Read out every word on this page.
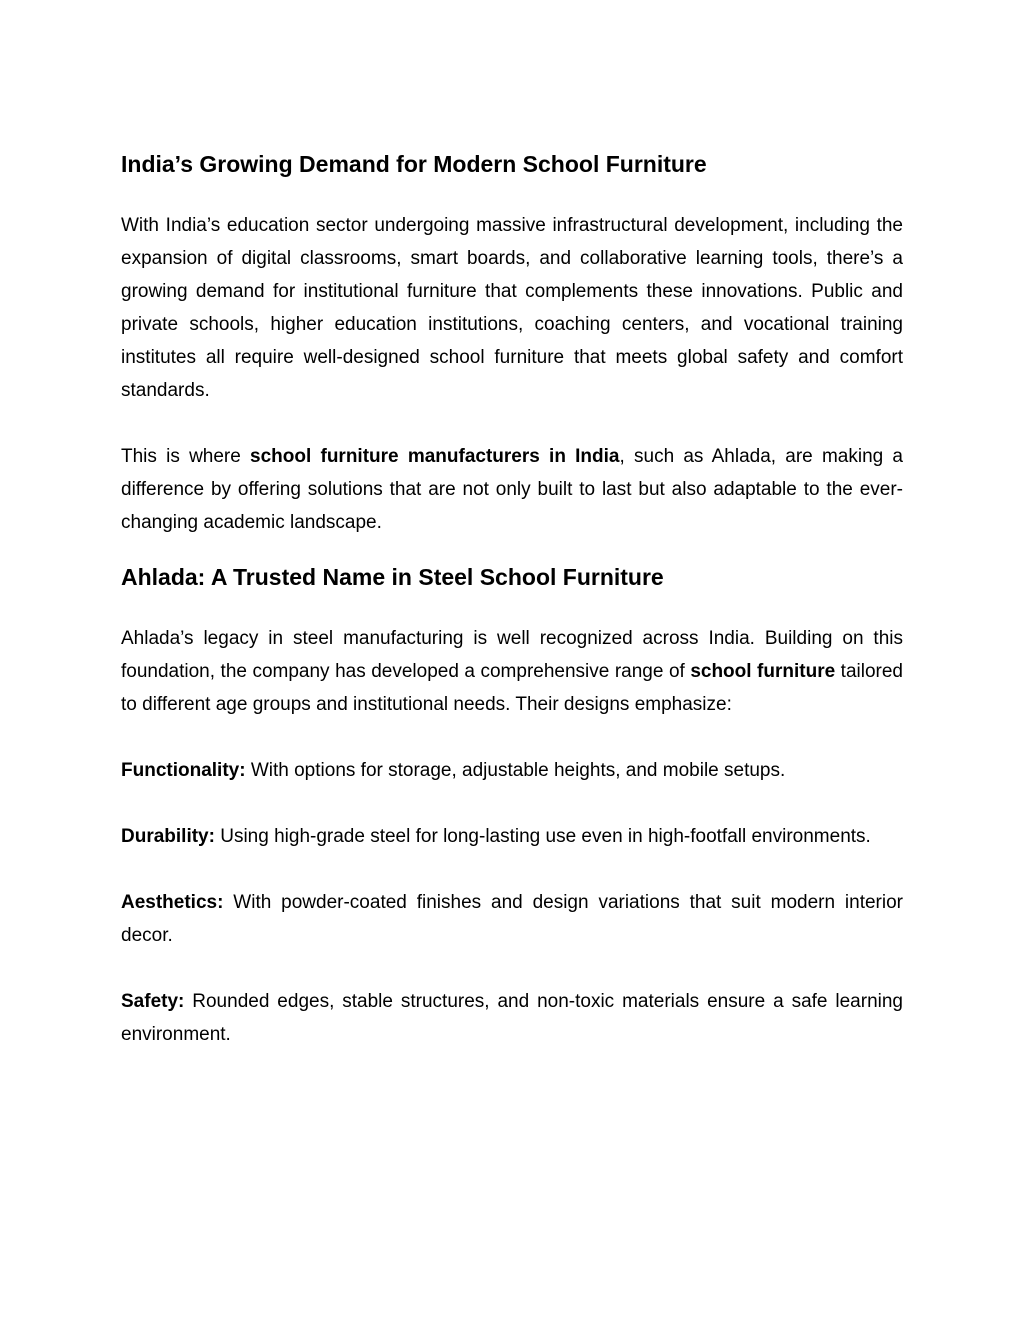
India’s Growing Demand for Modern School Furniture

With India’s education sector undergoing massive infrastructural development, including the expansion of digital classrooms, smart boards, and collaborative learning tools, there’s a growing demand for institutional furniture that complements these innovations. Public and private schools, higher education institutions, coaching centers, and vocational training institutes all require well-designed school furniture that meets global safety and comfort standards.

This is where school furniture manufacturers in India, such as Ahlada, are making a difference by offering solutions that are not only built to last but also adaptable to the ever-changing academic landscape.

Ahlada: A Trusted Name in Steel School Furniture

Ahlada’s legacy in steel manufacturing is well recognized across India. Building on this foundation, the company has developed a comprehensive range of school furniture tailored to different age groups and institutional needs. Their designs emphasize:

Functionality: With options for storage, adjustable heights, and mobile setups.

Durability: Using high-grade steel for long-lasting use even in high-footfall environments.

Aesthetics: With powder-coated finishes and design variations that suit modern interior decor.

Safety: Rounded edges, stable structures, and non-toxic materials ensure a safe learning environment.
